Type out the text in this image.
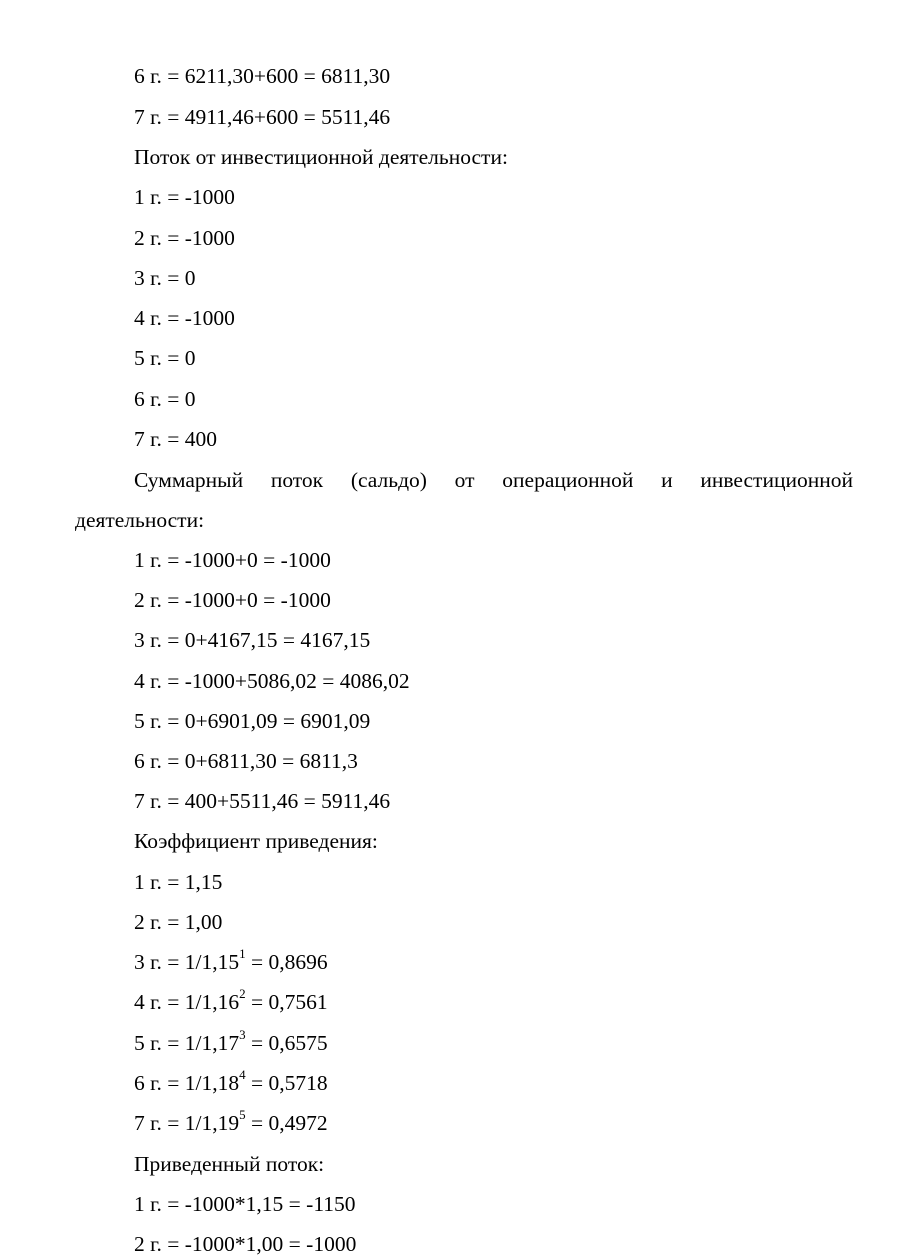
6 г. = 6211,30+600 = 6811,30
7 г. = 4911,46+600 = 5511,46
Поток от инвестиционной деятельности:
1 г. = -1000
2 г. = -1000
3 г. = 0
4 г. = -1000
5 г. = 0
6 г. = 0
7 г. = 400
Суммарный поток (сальдо) от операционной и инвестиционной
деятельности:
1 г. = -1000+0 = -1000
2 г. = -1000+0 = -1000
3 г. = 0+4167,15 = 4167,15
4 г. = -1000+5086,02 = 4086,02
5 г. = 0+6901,09 = 6901,09
6 г. = 0+6811,30 = 6811,3
7 г. = 400+5511,46 = 5911,46
Коэффициент приведения:
1 г. = 1,15
2 г. = 1,00
3 г. = $1/1,15^1 = 0,8696$
4 г. = $1/1,16^2 = 0,7561$
5 г. = $1/1,17^3 = 0,6575$
6 г. = $1/1,18^4 = 0,5718$
7 г. = $1/1,19^5 = 0,4972$
Приведенный поток:
1 г. = -1000*1,15 = -1150
2 г. = -1000*1,00 = -1000
